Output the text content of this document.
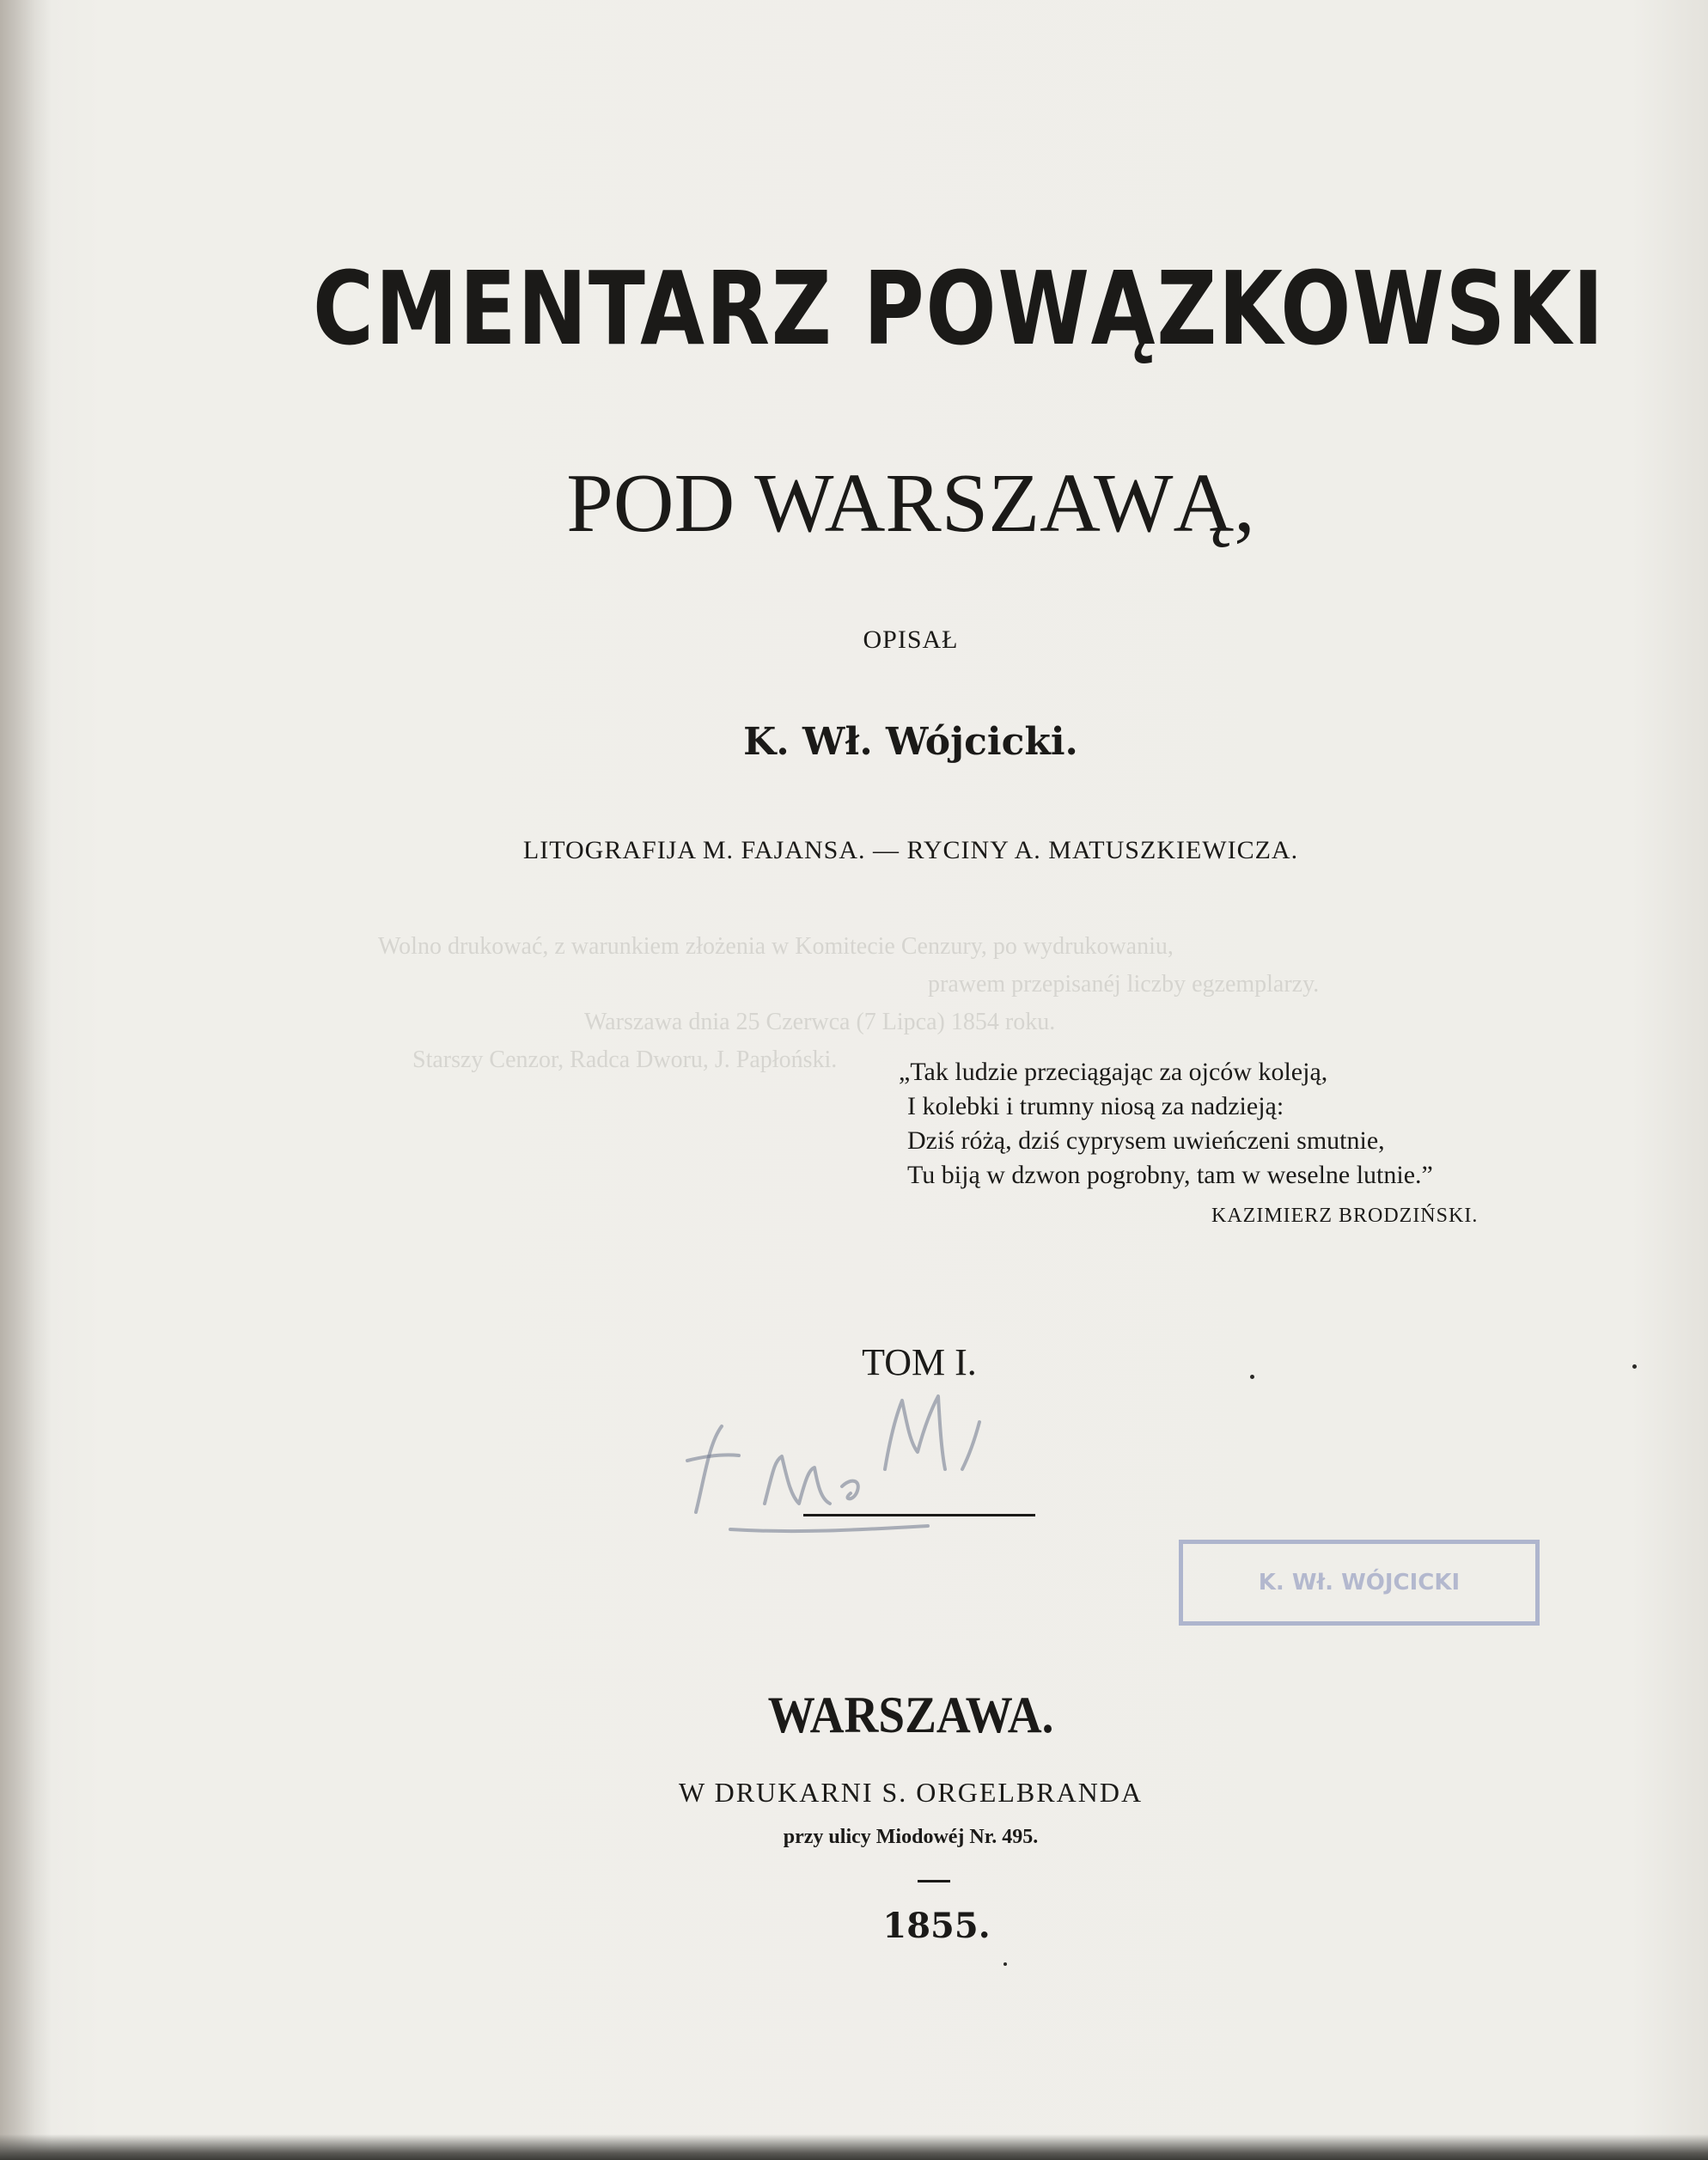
CMENTARZ POWĄZKOWSKI
POD WARSZAWĄ,
OPISAŁ
K. Wł. Wójcicki.
LITOGRAFIJA M. FAJANSA. — RYCINY A. MATUSZKIEWICZA.
Wolno drukować, z warunkiem złożenia w Komitecie Cenzury, po wydrukowaniu,
prawem przepisanéj liczby egzemplarzy.
Warszawa dnia 25 Czerwca (7 Lipca) 1854 roku.
Starszy Cenzor, Radca Dworu, J. Papłoński.	„Tak ludzie przeciągając za ojców koleją,
I kolebki i trumny niosą za nadzieją:
Dziś różą, dziś cyprysem uwieńczeni smutnie,
Tu biją w dzwon pogrobny, tam w weselne lutnie.”
KAZIMIERZ BRODZIŃSKI.
TOM I.
K. Wł. WÓJCICKI
WARSZAWA.
W DRUKARNI S. ORGELBRANDA
przy ulicy Miodowéj Nr. 495.
1855.
